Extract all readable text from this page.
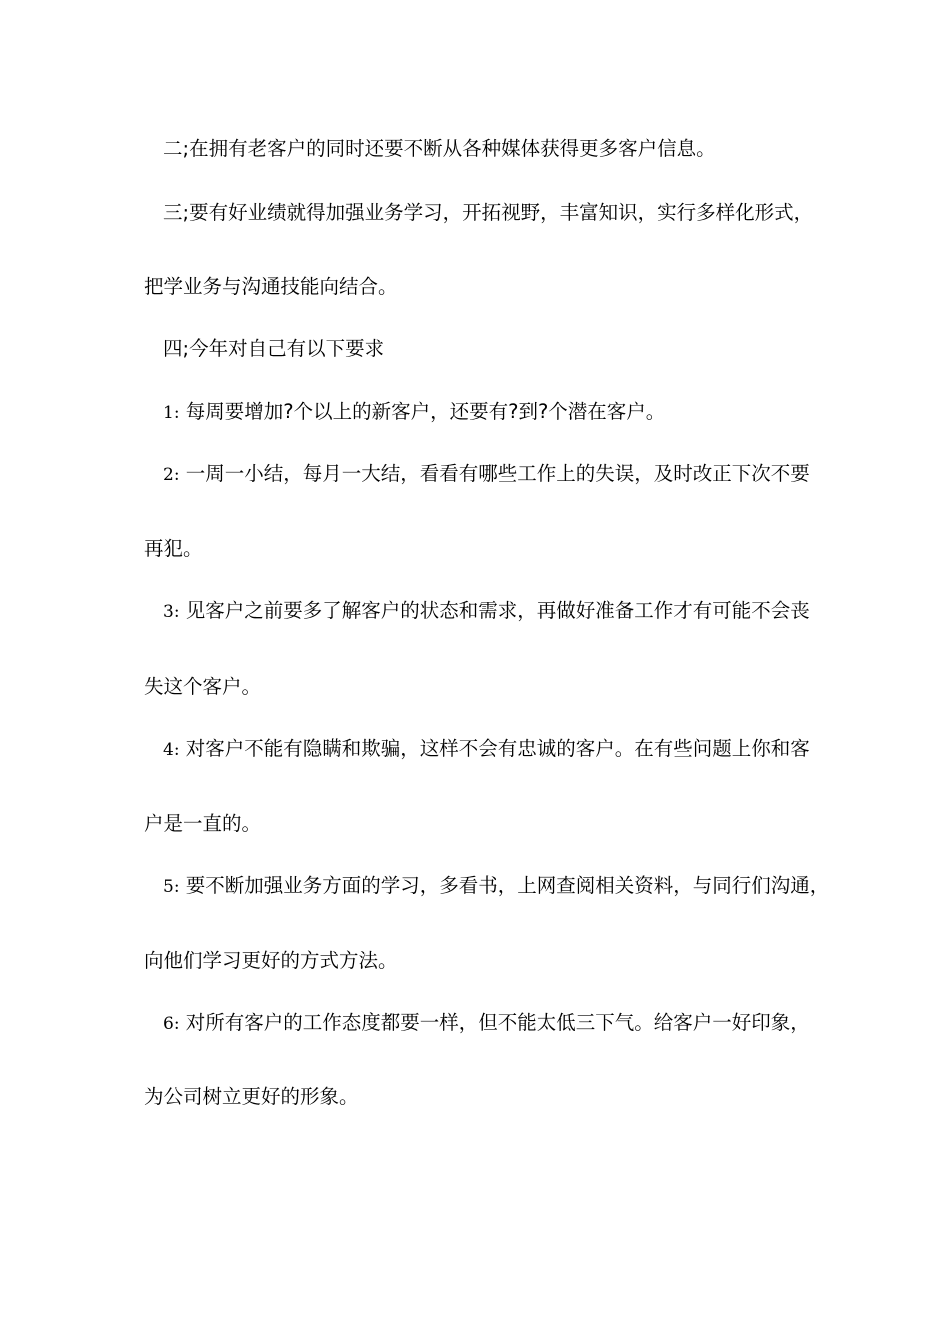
二;在拥有老客户的同时还要不断从各种媒体获得更多客户信息。
三;要有好业绩就得加强业务学习，开拓视野，丰富知识，实行多样化形式，
把学业务与沟通技能向结合。
四;今年对自己有以下要求
1: 每周要增加?个以上的新客户，还要有?到?个潜在客户。
2: 一周一小结，每月一大结，看看有哪些工作上的失误，及时改正下次不要
再犯。
3: 见客户之前要多了解客户的状态和需求，再做好准备工作才有可能不会丧
失这个客户。
4: 对客户不能有隐瞒和欺骗，这样不会有忠诚的客户。在有些问题上你和客
户是一直的。
5: 要不断加强业务方面的学习，多看书，上网查阅相关资料，与同行们沟通，
向他们学习更好的方式方法。
6: 对所有客户的工作态度都要一样，但不能太低三下气。给客户一好印象，
为公司树立更好的形象。
